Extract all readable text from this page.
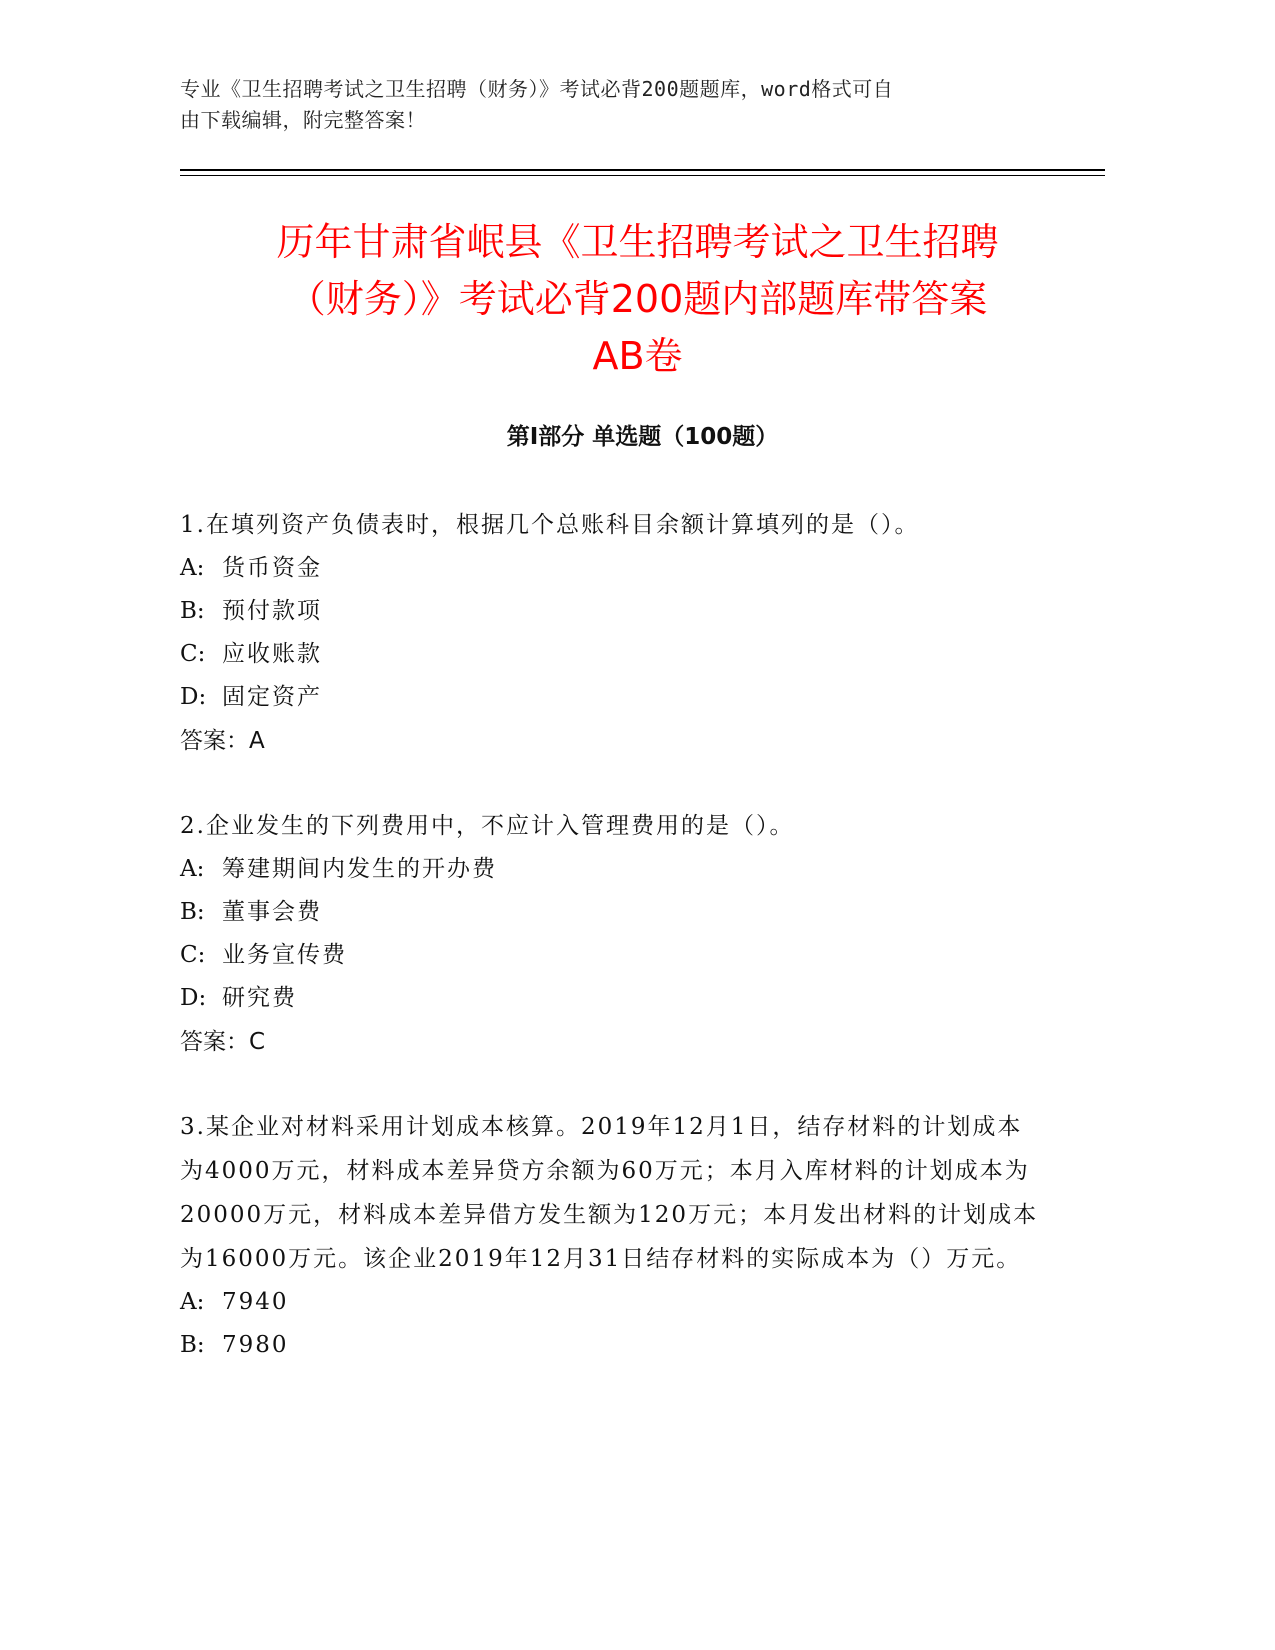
专业《卫生招聘考试之卫生招聘（财务）》考试必背200题题库，word格式可自
由下载编辑，附完整答案！
历年甘肃省岷县《卫生招聘考试之卫生招聘
（财务）》考试必背200题内部题库带答案
AB卷
第I部分 单选题（100题）

1.在填列资产负债表时，根据几个总账科目余额计算填列的是（）。

A: 货币资金

B: 预付款项

C: 应收账款

D: 固定资产

答案：A

2.企业发生的下列费用中，不应计入管理费用的是（）。

A: 筹建期间内发生的开办费

B: 董事会费

C: 业务宣传费

D: 研究费

答案：C

3.某企业对材料采用计划成本核算。2019年12月1日，结存材料的计划成本为4000万元，材料成本差异贷方余额为60万元；本月入库材料的计划成本为20000万元，材料成本差异借方发生额为120万元；本月发出材料的计划成本为16000万元。该企业2019年12月31日结存材料的实际成本为（）万元。

A: 7940

B: 7980
